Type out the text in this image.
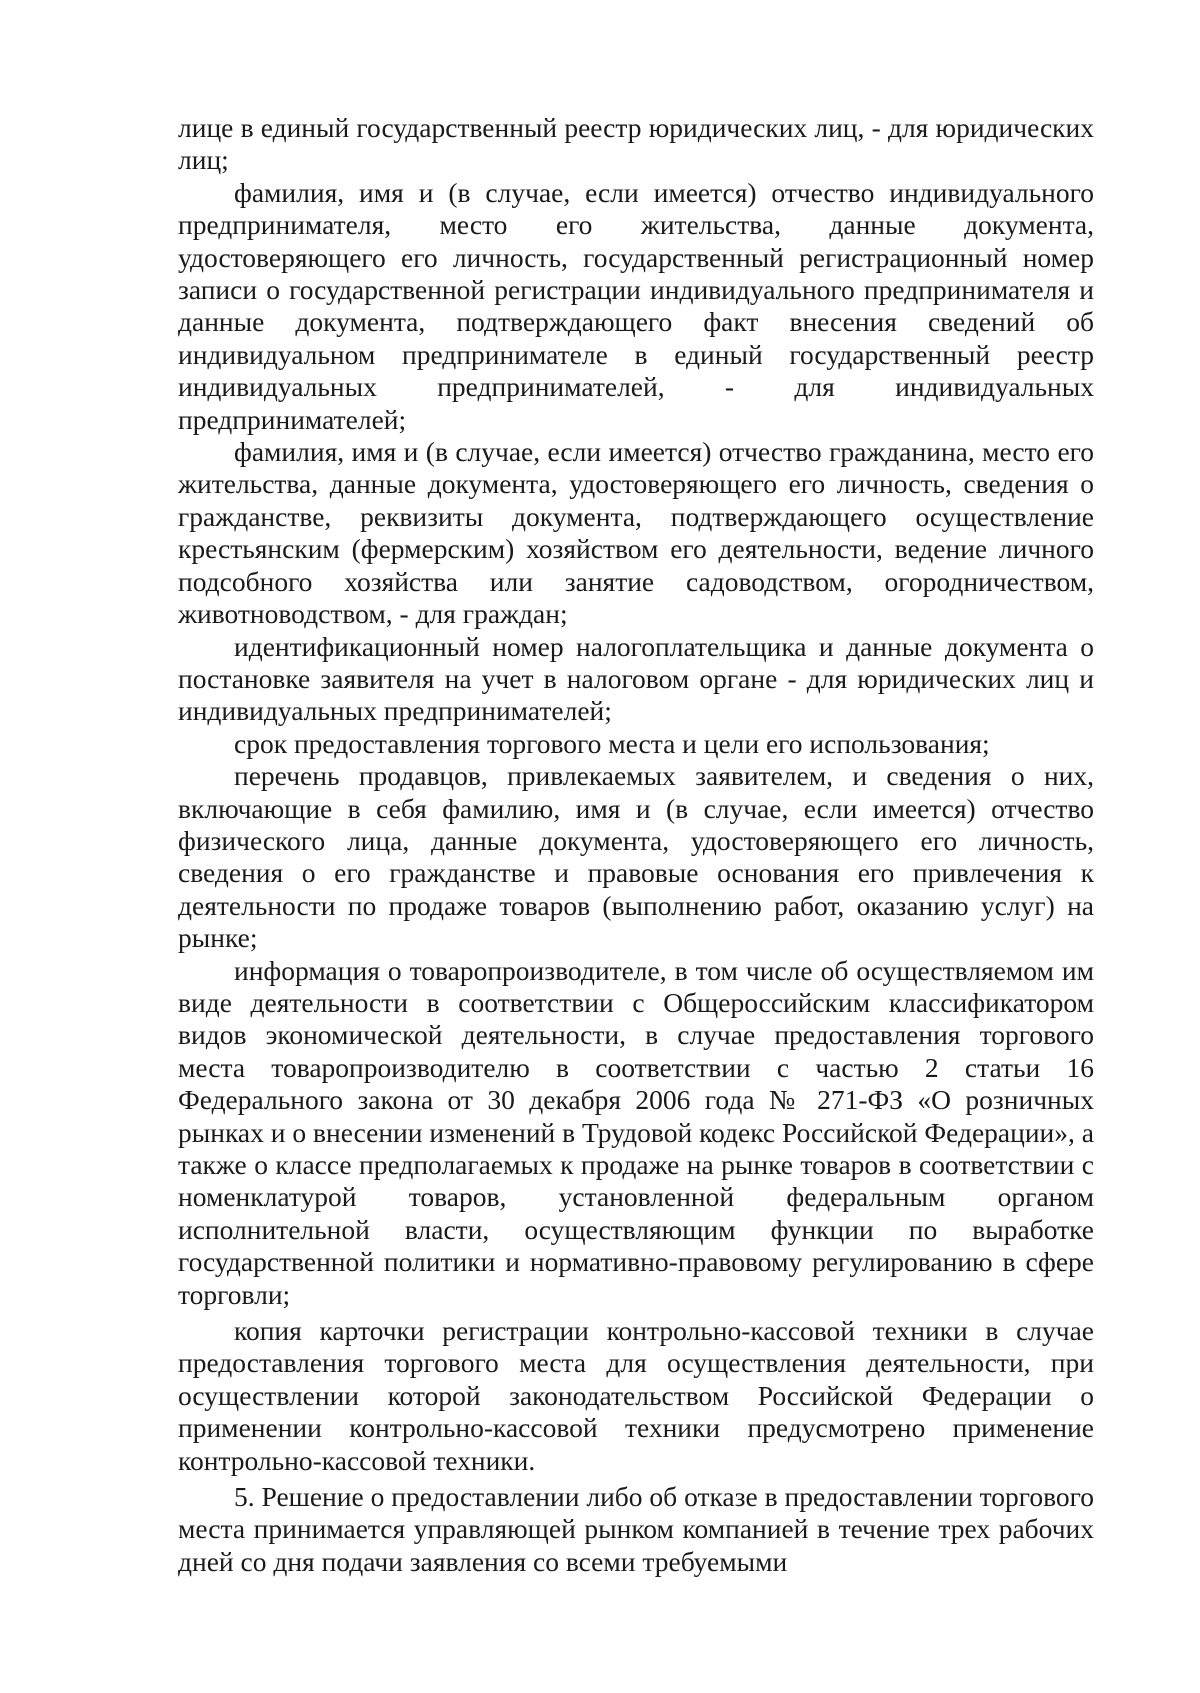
лице в единый государственный реестр юридических лиц, - для юридических лиц;

фамилия, имя и (в случае, если имеется) отчество индивидуального предпринимателя, место его жительства, данные документа, удостоверяющего его личность, государственный регистрационный номер записи о государственной регистрации индивидуального предпринимателя и данные документа, подтверждающего факт внесения сведений об индивидуальном предпринимателе в единый государственный реестр индивидуальных предпринимателей, - для индивидуальных предпринимателей;

фамилия, имя и (в случае, если имеется) отчество гражданина, место его жительства, данные документа, удостоверяющего его личность, сведения о гражданстве, реквизиты документа, подтверждающего осуществление крестьянским (фермерским) хозяйством его деятельности, ведение личного подсобного хозяйства или занятие садоводством, огородничеством, животноводством, - для граждан;

идентификационный номер налогоплательщика и данные документа о постановке заявителя на учет в налоговом органе - для юридических лиц и индивидуальных предпринимателей;

срок предоставления торгового места и цели его использования;

перечень продавцов, привлекаемых заявителем, и сведения о них, включающие в себя фамилию, имя и (в случае, если имеется) отчество физического лица, данные документа, удостоверяющего его личность, сведения о его гражданстве и правовые основания его привлечения к деятельности по продаже товаров (выполнению работ, оказанию услуг) на рынке;

информация о товаропроизводителе, в том числе об осуществляемом им виде деятельности в соответствии с Общероссийским классификатором видов экономической деятельности, в случае предоставления торгового места товаропроизводителю в соответствии с частью 2 статьи 16 Федерального закона от 30 декабря 2006 года № 271-ФЗ «О розничных рынках и о внесении изменений в Трудовой кодекс Российской Федерации», а также о классе предполагаемых к продаже на рынке товаров в соответствии с номенклатурой товаров, установленной федеральным органом исполнительной власти, осуществляющим функции по выработке государственной политики и нормативно-правовому регулированию в сфере торговли;

копия карточки регистрации контрольно-кассовой техники в случае предоставления торгового места для осуществления деятельности, при осуществлении которой законодательством Российской Федерации о применении контрольно-кассовой техники предусмотрено применение контрольно-кассовой техники.

5. Решение о предоставлении либо об отказе в предоставлении торгового места принимается управляющей рынком компанией в течение трех рабочих дней со дня подачи заявления со всеми требуемыми
